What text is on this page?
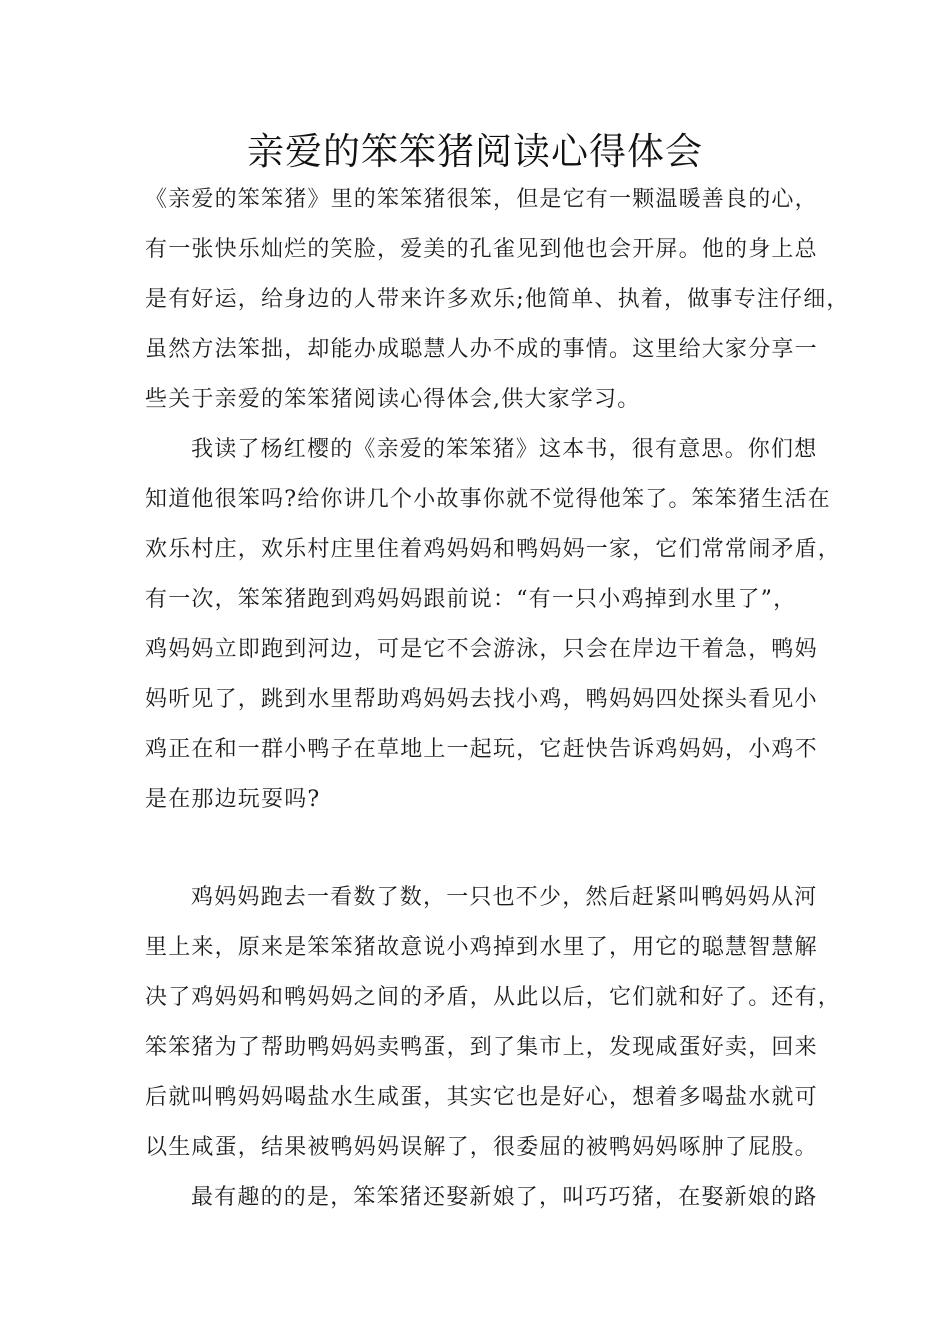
亲爱的笨笨猪阅读心得体会
《亲爱的笨笨猪》里的笨笨猪很笨，但是它有一颗温暖善良的心，
有一张快乐灿烂的笑脸，爱美的孔雀见到他也会开屏。他的身上总
是有好运，给身边的人带来许多欢乐;他简单、执着，做事专注仔细，
虽然方法笨拙，却能办成聪慧人办不成的事情。这里给大家分享一
些关于亲爱的笨笨猪阅读心得体会,供大家学习。
我读了杨红樱的《亲爱的笨笨猪》这本书，很有意思。你们想
知道他很笨吗?给你讲几个小故事你就不觉得他笨了。笨笨猪生活在
欢乐村庄，欢乐村庄里住着鸡妈妈和鸭妈妈一家，它们常常闹矛盾，
有一次，笨笨猪跑到鸡妈妈跟前说：“有一只小鸡掉到水里了”，
鸡妈妈立即跑到河边，可是它不会游泳，只会在岸边干着急，鸭妈
妈听见了，跳到水里帮助鸡妈妈去找小鸡，鸭妈妈四处探头看见小
鸡正在和一群小鸭子在草地上一起玩，它赶快告诉鸡妈妈，小鸡不
是在那边玩耍吗?
鸡妈妈跑去一看数了数，一只也不少，然后赶紧叫鸭妈妈从河
里上来，原来是笨笨猪故意说小鸡掉到水里了，用它的聪慧智慧解
决了鸡妈妈和鸭妈妈之间的矛盾，从此以后，它们就和好了。还有，
笨笨猪为了帮助鸭妈妈卖鸭蛋，到了集市上，发现咸蛋好卖，回来
后就叫鸭妈妈喝盐水生咸蛋，其实它也是好心，想着多喝盐水就可
以生咸蛋，结果被鸭妈妈误解了，很委屈的被鸭妈妈啄肿了屁股。
最有趣的的是，笨笨猪还娶新娘了，叫巧巧猪，在娶新娘的路
